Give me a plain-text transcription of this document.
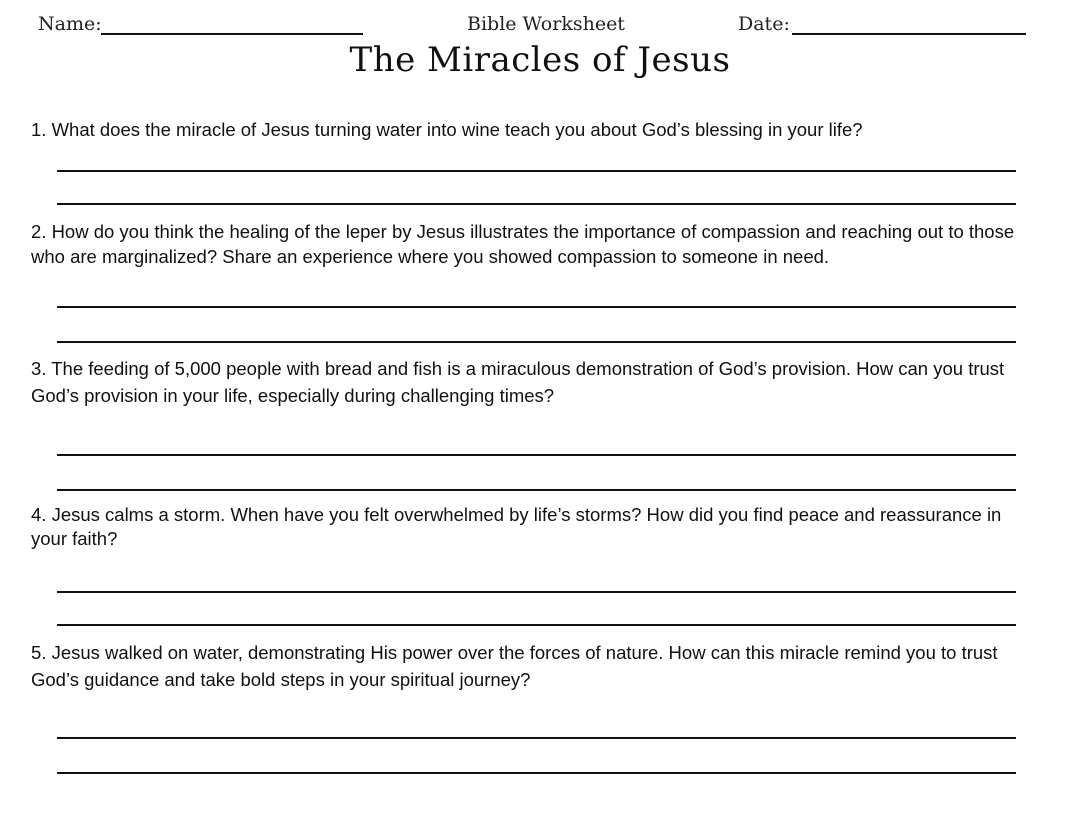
Name:	Bible Worksheet	Date:
The Miracles of Jesus
1. What does the miracle of Jesus turning water into wine teach you about God’s blessing in your life?
2. How do you think the healing of the leper by Jesus illustrates the importance of compassion and reaching out to those who are marginalized? Share an experience where you showed compassion to someone in need.
3. The feeding of 5,000 people with bread and fish is a miraculous demonstration of God’s provision. How can you trust God’s provision in your life, especially during challenging times?
4. Jesus calms a storm. When have you felt overwhelmed by life’s storms? How did you find peace and reassurance in your faith?
5. Jesus walked on water, demonstrating His power over the forces of nature. How can this miracle remind you to trust God’s guidance and take bold steps in your spiritual journey?
